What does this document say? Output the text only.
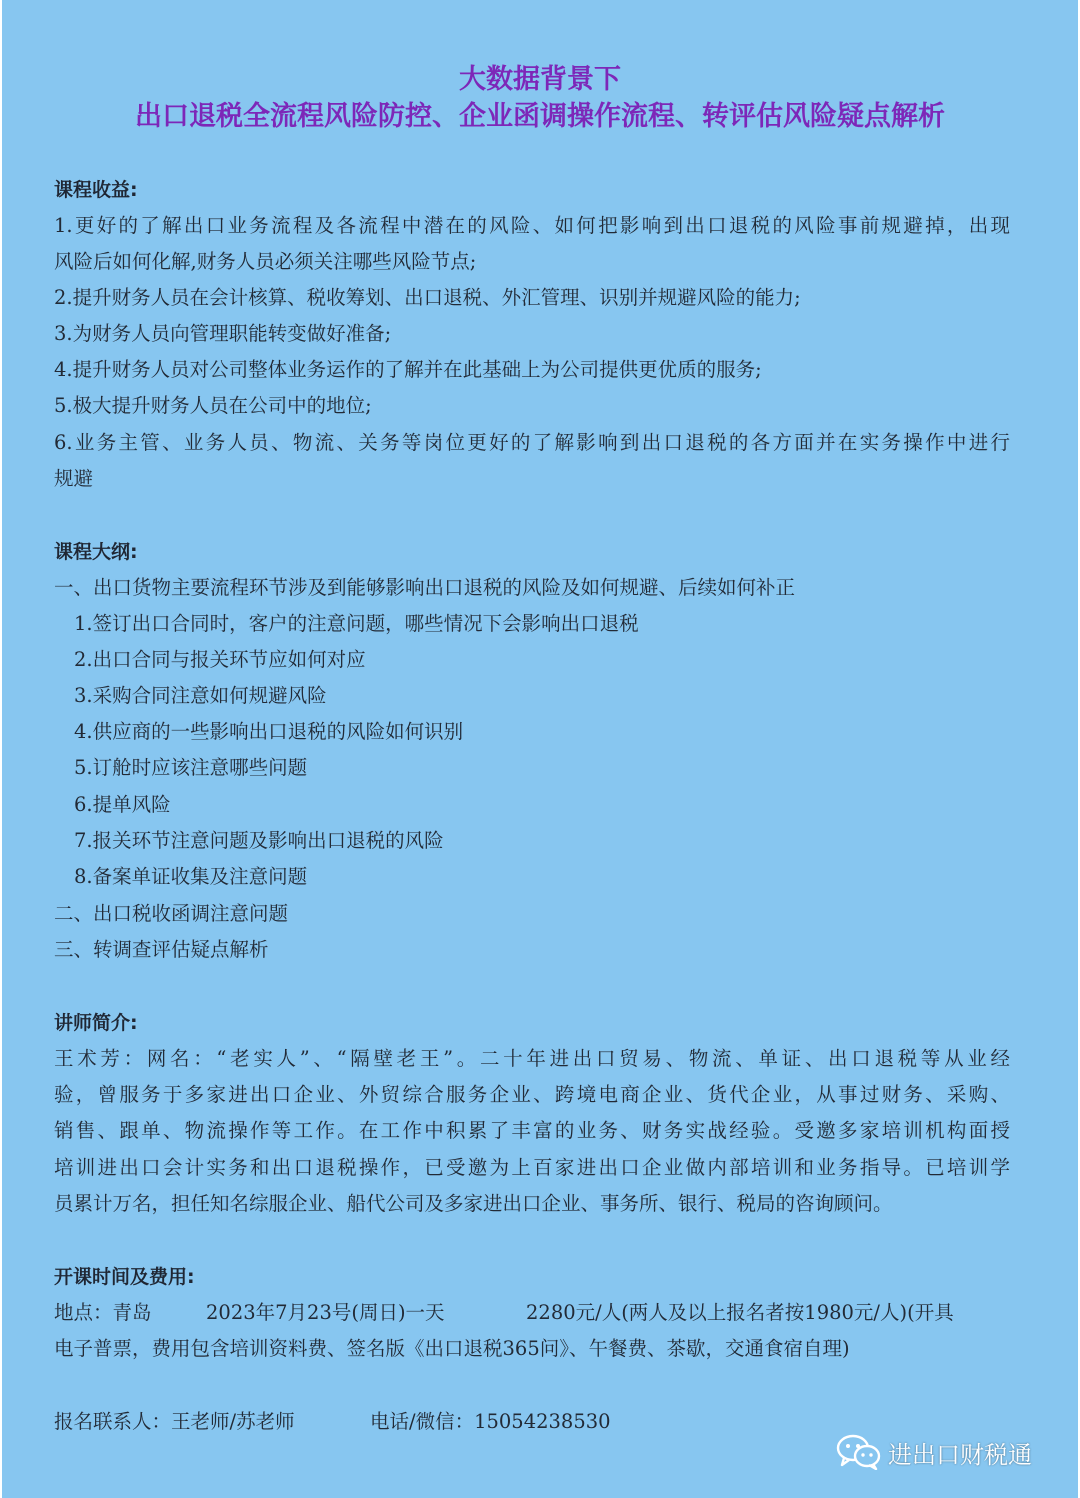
大数据背景下
出口退税全流程风险防控、企业函调操作流程、转评估风险疑点解析
课程收益:
1.更好的了解出口业务流程及各流程中潜在的风险、如何把影响到出口退税的风险事前规避掉，出现
风险后如何化解,财务人员必须关注哪些风险节点;
2.提升财务人员在会计核算、税收筹划、出口退税、外汇管理、识别并规避风险的能力;
3.为财务人员向管理职能转变做好准备;
4.提升财务人员对公司整体业务运作的了解并在此基础上为公司提供更优质的服务;
5.极大提升财务人员在公司中的地位;
6.业务主管、业务人员、物流、关务等岗位更好的了解影响到出口退税的各方面并在实务操作中进行
规避
课程大纲:
一、出口货物主要流程环节涉及到能够影响出口退税的风险及如何规避、后续如何补正
1.签订出口合同时，客户的注意问题，哪些情况下会影响出口退税
2.出口合同与报关环节应如何对应
3.采购合同注意如何规避风险
4.供应商的一些影响出口退税的风险如何识别
5.订舱时应该注意哪些问题
6.提单风险
7.报关环节注意问题及影响出口退税的风险
8.备案单证收集及注意问题
二、出口税收函调注意问题
三、转调查评估疑点解析
讲师简介:
王术芳：网名：“老实人”、“隔壁老王”。二十年进出口贸易、物流、单证、出口退税等从业经
验，曾服务于多家进出口企业、外贸综合服务企业、跨境电商企业、货代企业，从事过财务、采购、
销售、跟单、物流操作等工作。在工作中积累了丰富的业务、财务实战经验。受邀多家培训机构面授
培训进出口会计实务和出口退税操作，已受邀为上百家进出口企业做内部培训和业务指导。已培训学
员累计万名，担任知名综服企业、船代公司及多家进出口企业、事务所、银行、税局的咨询顾问。
开课时间及费用:
地点：青岛	2023年7月23号(周日)一天	2280元/人(两人及以上报名者按1980元/人)(开具
电子普票，费用包含培训资料费、签名版《出口退税365问》、午餐费、茶歇，交通食宿自理)
报名联系人：王老师/苏老师	电话/微信：15054238530
进出口财税通
